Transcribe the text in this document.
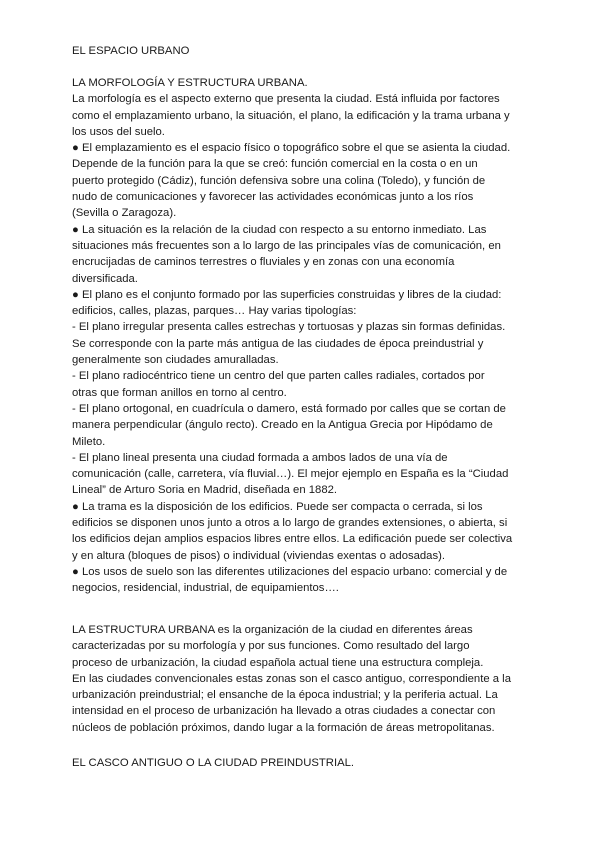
EL ESPACIO URBANO
LA MORFOLOGÍA Y ESTRUCTURA URBANA.
La morfología es el aspecto externo que presenta la ciudad. Está influida por factores
como el emplazamiento urbano, la situación, el plano, la edificación y la trama urbana y
los usos del suelo.
● El emplazamiento es el espacio físico o topográfico sobre el que se asienta la ciudad.
Depende de la función para la que se creó: función comercial en la costa o en un
puerto protegido (Cádiz), función defensiva sobre una colina (Toledo), y función de
nudo de comunicaciones y favorecer las actividades económicas junto a los ríos
(Sevilla o Zaragoza).
● La situación es la relación de la ciudad con respecto a su entorno inmediato. Las
situaciones más frecuentes son a lo largo de las principales vías de comunicación, en
encrucijadas de caminos terrestres o fluviales y en zonas con una economía
diversificada.
● El plano es el conjunto formado por las superficies construidas y libres de la ciudad:
edificios, calles, plazas, parques… Hay varias tipologías:
- El plano irregular presenta calles estrechas y tortuosas y plazas sin formas definidas.
Se corresponde con la parte más antigua de las ciudades de época preindustrial y
generalmente son ciudades amuralladas.
- El plano radiocéntrico tiene un centro del que parten calles radiales, cortados por
otras que forman anillos en torno al centro.
- El plano ortogonal, en cuadrícula o damero, está formado por calles que se cortan de
manera perpendicular (ángulo recto). Creado en la Antigua Grecia por Hipódamo de
Mileto.
- El plano lineal presenta una ciudad formada a ambos lados de una vía de
comunicación (calle, carretera, vía fluvial…). El mejor ejemplo en España es la “Ciudad
Lineal” de Arturo Soria en Madrid, diseñada en 1882.
● La trama es la disposición de los edificios. Puede ser compacta o cerrada, si los
edificios se disponen unos junto a otros a lo largo de grandes extensiones, o abierta, si
los edificios dejan amplios espacios libres entre ellos. La edificación puede ser colectiva
y en altura (bloques de pisos) o individual (viviendas exentas o adosadas).
● Los usos de suelo son las diferentes utilizaciones del espacio urbano: comercial y de
negocios, residencial, industrial, de equipamientos….
LA ESTRUCTURA URBANA es la organización de la ciudad en diferentes áreas
caracterizadas por su morfología y por sus funciones. Como resultado del largo
proceso de urbanización, la ciudad española actual tiene una estructura compleja.
En las ciudades convencionales estas zonas son el casco antiguo, correspondiente a la
urbanización preindustrial; el ensanche de la época industrial; y la periferia actual. La
intensidad en el proceso de urbanización ha llevado a otras ciudades a conectar con
núcleos de población próximos, dando lugar a la formación de áreas metropolitanas.
EL CASCO ANTIGUO O LA CIUDAD PREINDUSTRIAL.
